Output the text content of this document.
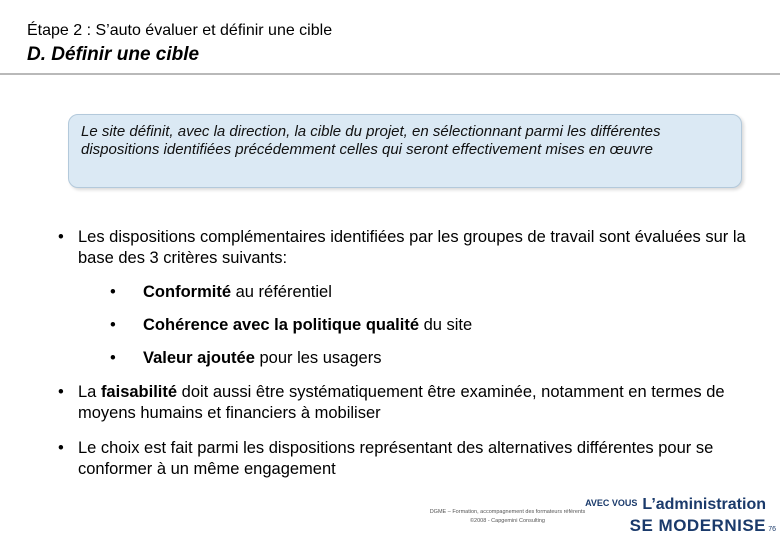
Étape 2 : S’auto évaluer et définir une cible
D. Définir une cible
Le site définit, avec la direction, la cible du projet, en sélectionnant parmi les différentes dispositions identifiées précédemment celles qui seront effectivement mises en œuvre
• Les dispositions complémentaires identifiées par les groupes de travail sont évaluées sur la base des 3 critères suivants:
• Conformité au référentiel
• Cohérence avec la politique qualité du site
• Valeur ajoutée pour les usagers
• La faisabilité doit aussi être systématiquement être examinée, notamment en termes de moyens humains et financiers à mobiliser
• Le choix est fait parmi les dispositions représentant des alternatives différentes pour se conformer à un même engagement
DGME – Formation, accompagnement des formateurs référents
©2008 - Capgemini Consulting
AVEC VOUS L’administration
SE MODERNISE 76
